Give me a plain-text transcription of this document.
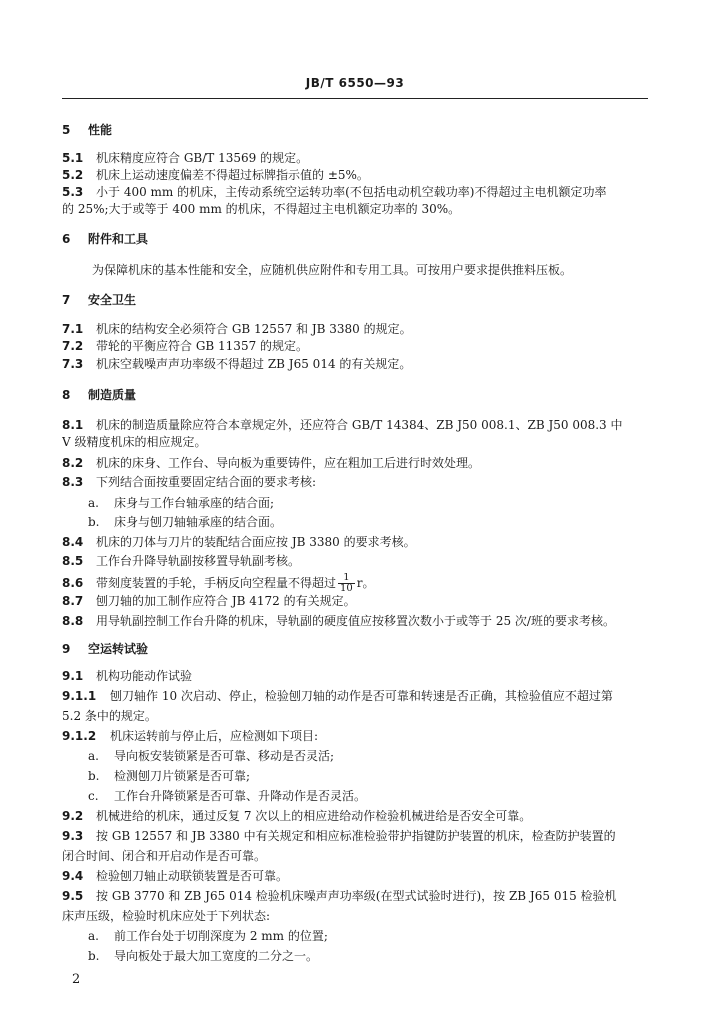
JB/T 6550—93
5 性能
5.1 机床精度应符合 GB/T 13569 的规定。
5.2 机床上运动速度偏差不得超过标牌指示值的 ±5%。
5.3 小于 400 mm 的机床，主传动系统空运转功率(不包括电动机空载功率)不得超过主电机额定功率
的 25%;大于或等于 400 mm 的机床，不得超过主电机额定功率的 30%。
6 附件和工具
为保障机床的基本性能和安全，应随机供应附件和专用工具。可按用户要求提供推料压板。
7 安全卫生
7.1 机床的结构安全必须符合 GB 12557 和 JB 3380 的规定。
7.2 带轮的平衡应符合 GB 11357 的规定。
7.3 机床空载噪声声功率级不得超过 ZB J65 014 的有关规定。
8 制造质量
8.1 机床的制造质量除应符合本章规定外，还应符合 GB/T 14384、ZB J50 008.1、ZB J50 008.3 中
V 级精度机床的相应规定。
8.2 机床的床身、工作台、导向板为重要铸件，应在粗加工后进行时效处理。
8.3 下列结合面按重要固定结合面的要求考核:
a. 床身与工作台轴承座的结合面;
b. 床身与刨刀轴轴承座的结合面。
8.4 机床的刀体与刀片的装配结合面应按 JB 3380 的要求考核。
8.5 工作台升降导轨副按移置导轨副考核。
8.6 带刻度装置的手轮，手柄反向空程量不得超过 $\frac{1}{10}$ r。
8.7 刨刀轴的加工制作应符合 JB 4172 的有关规定。
8.8 用导轨副控制工作台升降的机床，导轨副的硬度值应按移置次数小于或等于 25 次/班的要求考核。
9 空运转试验
9.1 机构功能动作试验
9.1.1 刨刀轴作 10 次启动、停止，检验刨刀轴的动作是否可靠和转速是否正确，其检验值应不超过第
5.2 条中的规定。
9.1.2 机床运转前与停止后，应检测如下项目:
a. 导向板安装锁紧是否可靠、移动是否灵活;
b. 检测刨刀片锁紧是否可靠;
c. 工作台升降锁紧是否可靠、升降动作是否灵活。
9.2 机械进给的机床，通过反复 7 次以上的相应进给动作检验机械进给是否安全可靠。
9.3 按 GB 12557 和 JB 3380 中有关规定和相应标准检验带护指键防护装置的机床，检查防护装置的
闭合时间、闭合和开启动作是否可靠。
9.4 检验刨刀轴止动联锁装置是否可靠。
9.5 按 GB 3770 和 ZB J65 014 检验机床噪声声功率级(在型式试验时进行)，按 ZB J65 015 检验机
床声压级，检验时机床应处于下列状态:
a. 前工作台处于切削深度为 2 mm 的位置;
b. 导向板处于最大加工宽度的二分之一。
2
